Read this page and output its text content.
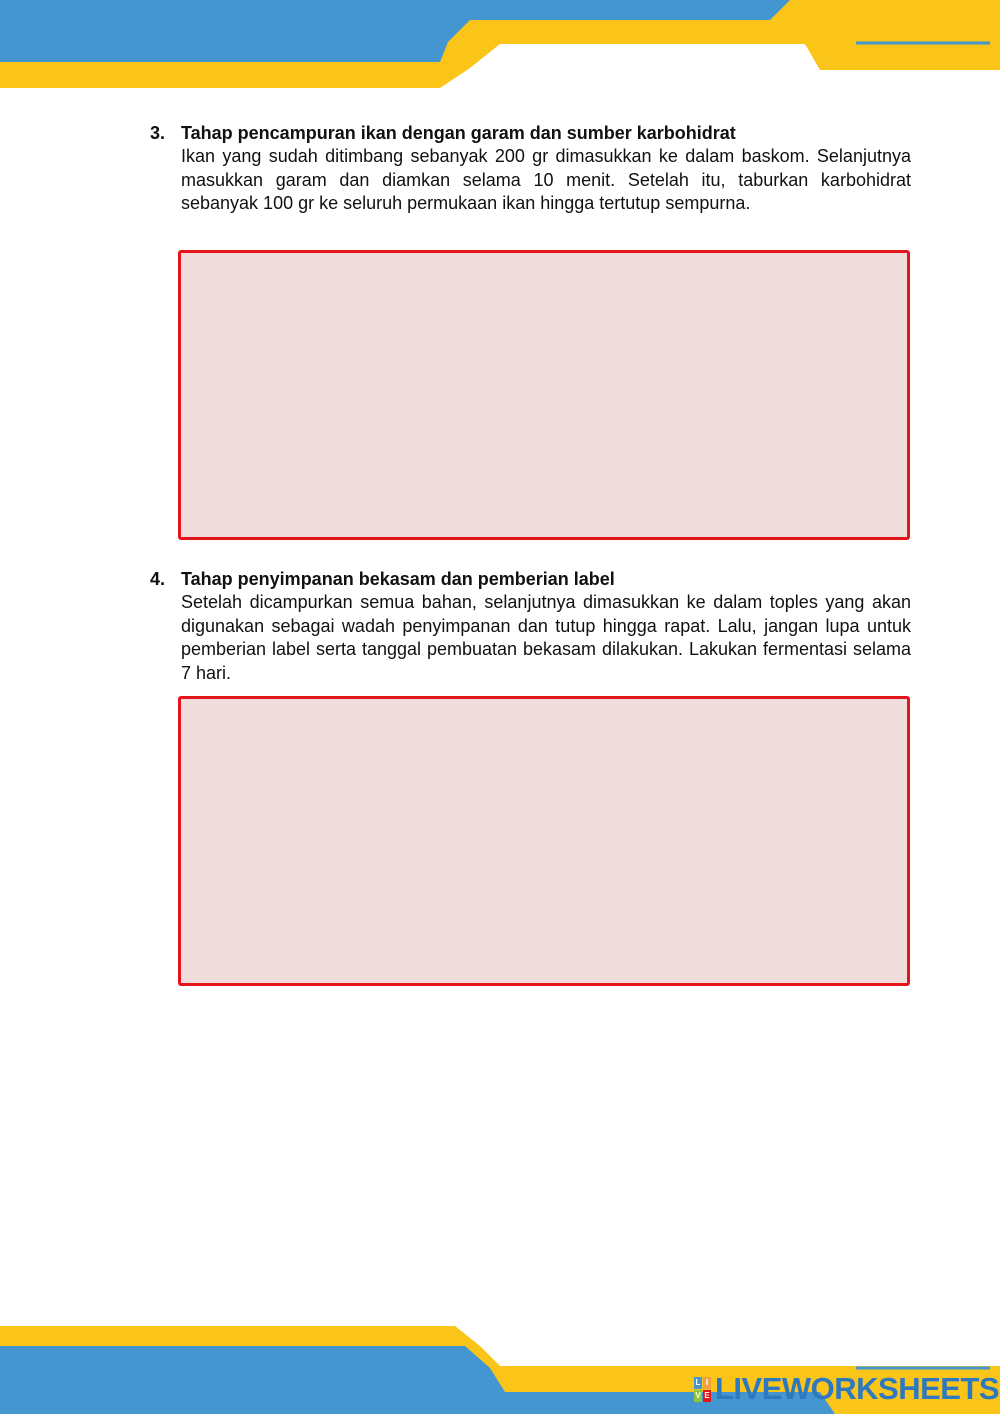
3. Tahap pencampuran ikan dengan garam dan sumber karbohidrat
Ikan yang sudah ditimbang sebanyak 200 gr dimasukkan ke dalam baskom. Selanjutnya masukkan garam dan diamkan selama 10 menit. Setelah itu, taburkan karbohidrat sebanyak 100 gr ke seluruh permukaan ikan hingga tertutup sempurna.
4. Tahap penyimpanan bekasam dan pemberian label
Setelah dicampurkan semua bahan, selanjutnya dimasukkan ke dalam toples yang akan digunakan sebagai wadah penyimpanan dan tutup hingga rapat. Lalu, jangan lupa untuk pemberian label serta tanggal pembuatan bekasam dilakukan. Lakukan fermentasi selama 7 hari.
L I
V E LIVEWORKSHEETS
